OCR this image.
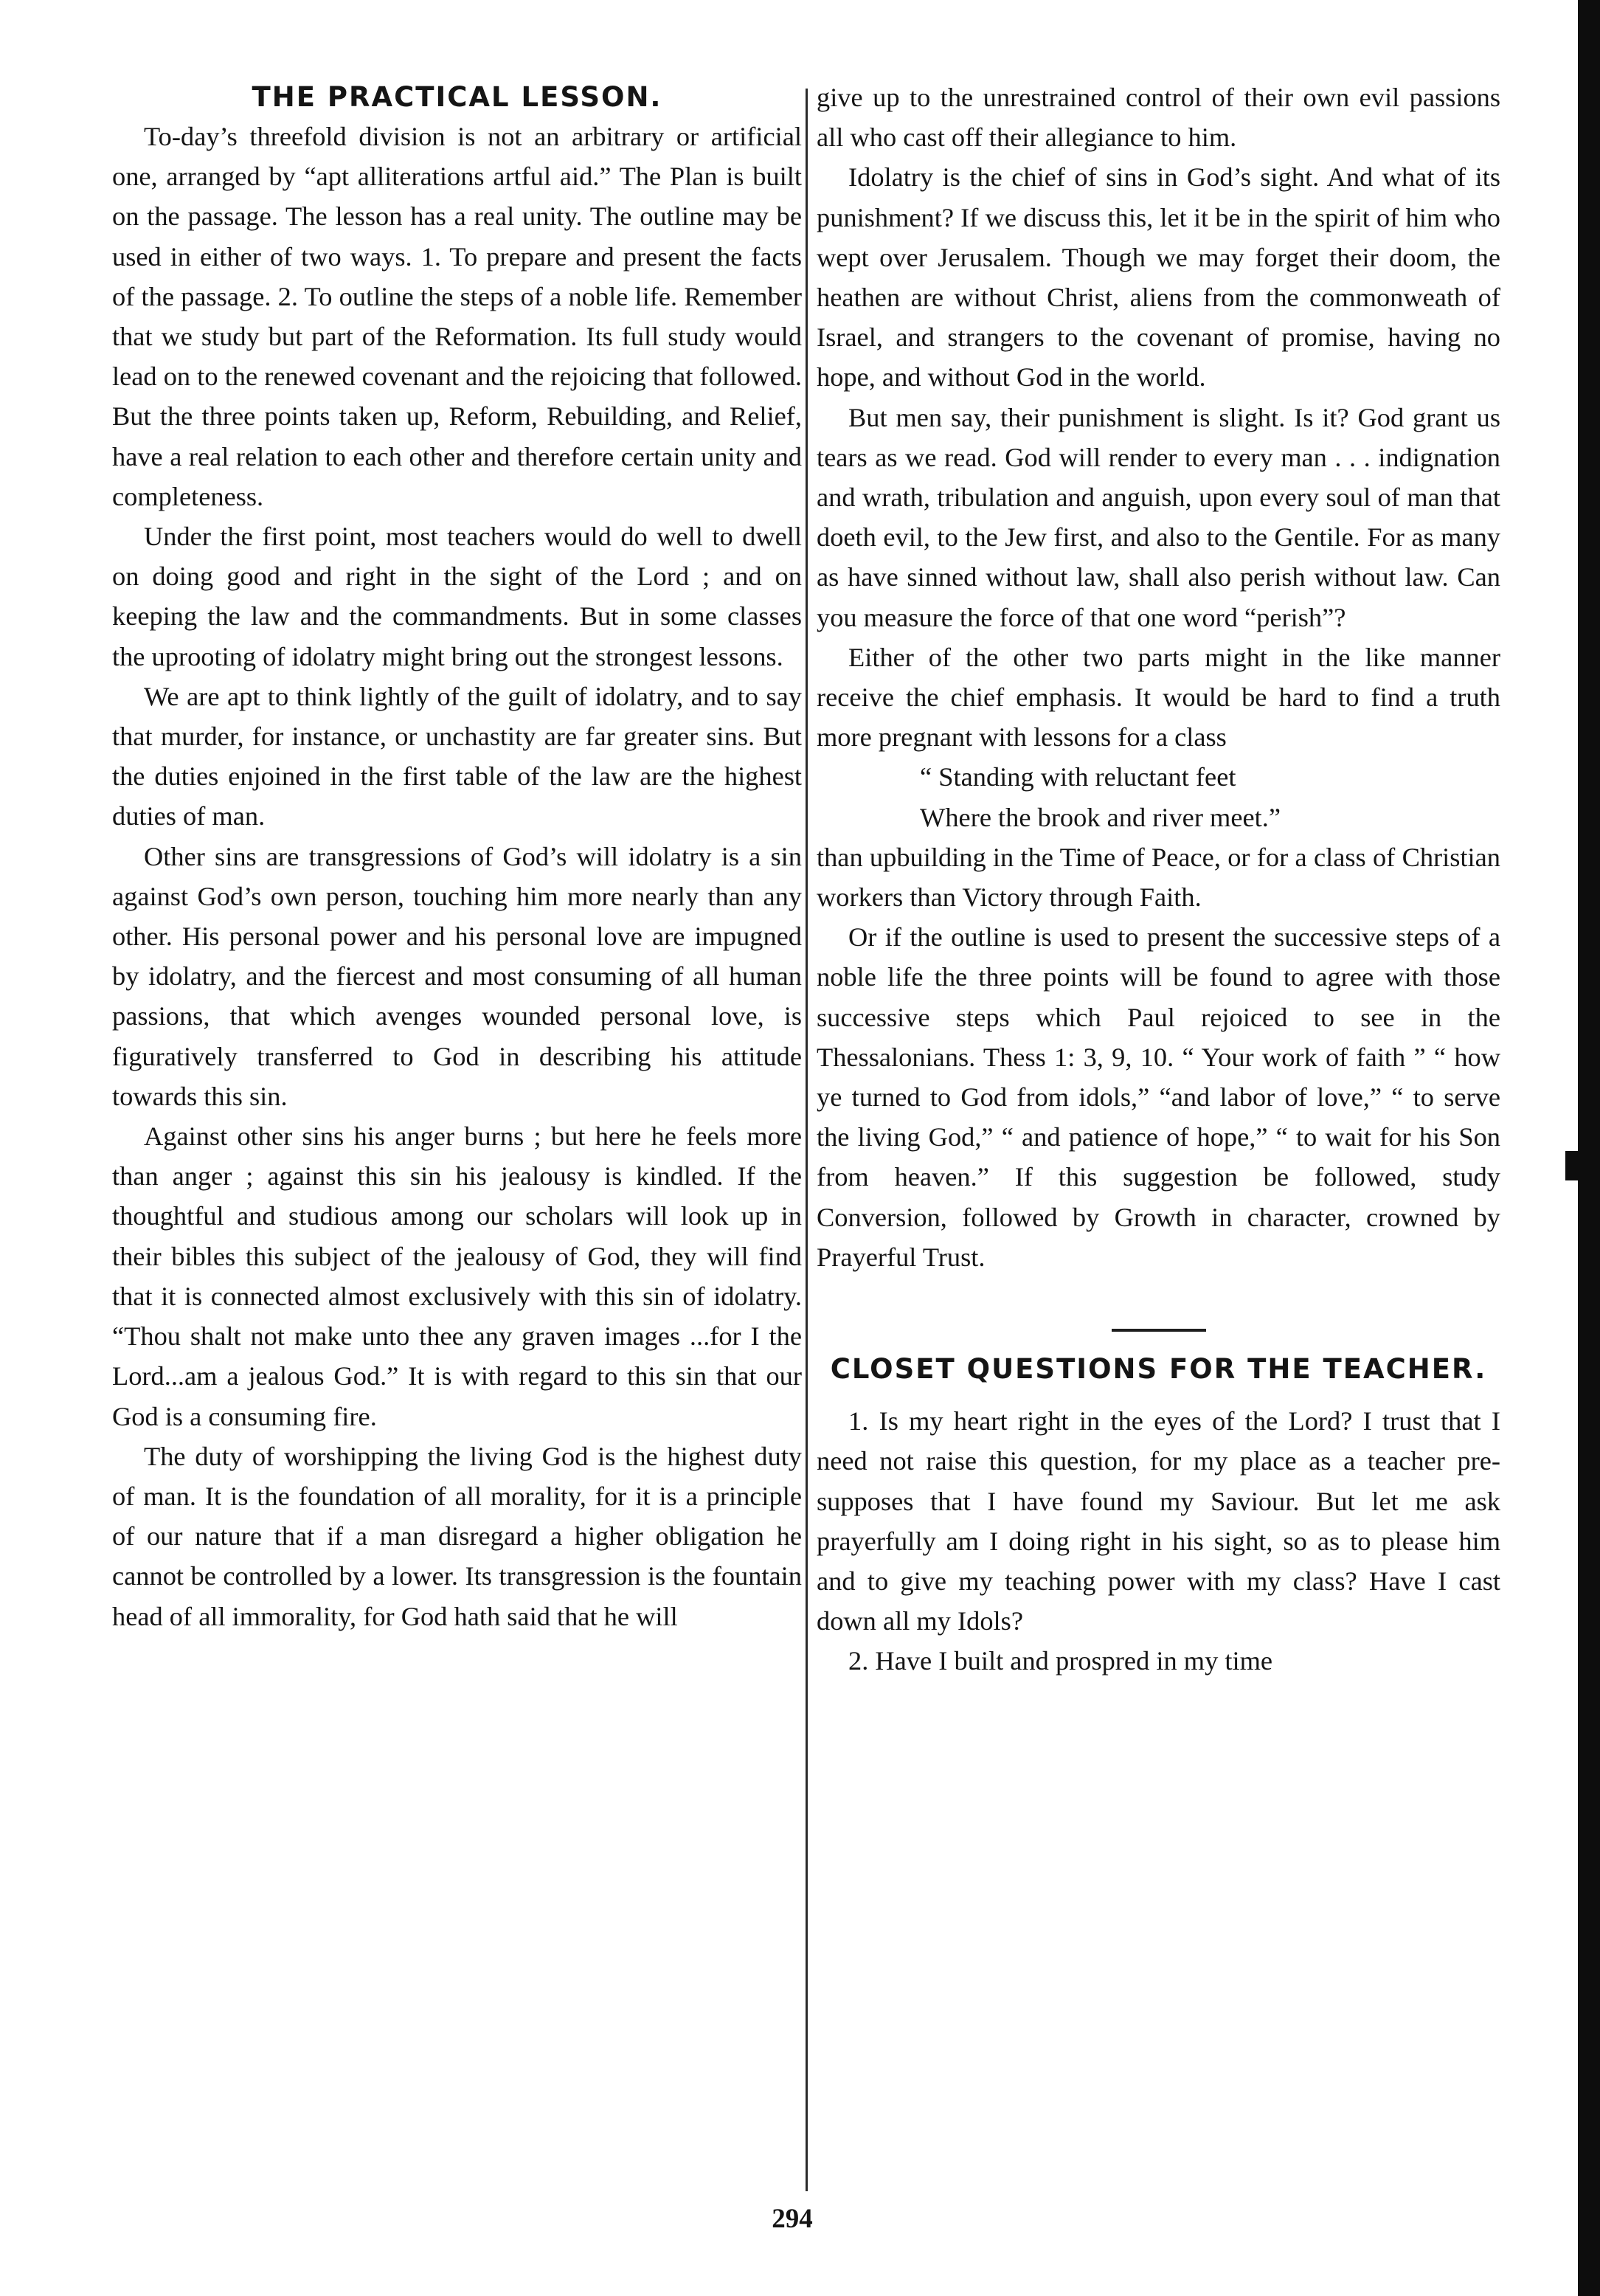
THE PRACTICAL LESSON.

To-day’s threefold division is not an arbitrary or artificial one, arranged by “apt alliterations artful aid.” The Plan is built on the passage. The lesson has a real unity. The outline may be used in either of two ways. 1. To prepare and present the facts of the passage. 2. To outline the steps of a noble life. Remember that we study but part of the Reformation. Its full study would lead on to the renewed covenant and the rejoicing that followed. But the three points taken up, Reform, Rebuilding, and Relief, have a real relation to each other and therefore certain unity and completeness.

Under the first point, most teachers would do well to dwell on doing good and right in the sight of the Lord ; and on keeping the law and the commandments. But in some classes the uprooting of idolatry might bring out the strongest lessons.

We are apt to think lightly of the guilt of idolatry, and to say that murder, for instance, or unchastity are far greater sins. But the duties enjoined in the first table of the law are the highest duties of man.

Other sins are transgressions of God’s will idolatry is a sin against God’s own person, touching him more nearly than any other. His personal power and his personal love are impugned by idolatry, and the fiercest and most consuming of all human passions, that which avenges wounded personal love, is figuratively transferred to God in describing his attitude towards this sin.

Against other sins his anger burns ; but here he feels more than anger ; against this sin his jealousy is kindled. If the thoughtful and studious among our scholars will look up in their bibles this subject of the jealousy of God, they will find that it is connected almost exclusively with this sin of idolatry. “Thou shalt not make unto thee any graven images ...for I the Lord...am a jealous God.” It is with regard to this sin that our God is a consuming fire.

The duty of worshipping the living God is the highest duty of man. It is the foundation of all morality, for it is a principle of our nature that if a man disregard a higher obligation he cannot be controlled by a lower. Its transgression is the fountain head of all immorality, for God hath said that he will

give up to the unrestrained control of their own evil passions all who cast off their allegiance to him.

Idolatry is the chief of sins in God’s sight. And what of its punishment? If we discuss this, let it be in the spirit of him who wept over Jerusalem. Though we may forget their doom, the heathen are without Christ, aliens from the commonweath of Israel, and strangers to the covenant of promise, having no hope, and without God in the world.

But men say, their punishment is slight. Is it? God grant us tears as we read. God will render to every man . . . indignation and wrath, tribulation and anguish, upon every soul of man that doeth evil, to the Jew first, and also to the Gentile. For as many as have sinned without law, shall also perish without law. Can you measure the force of that one word “perish”?

Either of the other two parts might in the like manner receive the chief emphasis. It would be hard to find a truth more pregnant with lessons for a class

“ Standing with reluctant feet

Where the brook and river meet.”

than upbuilding in the Time of Peace, or for a class of Christian workers than Victory through Faith.

Or if the outline is used to present the successive steps of a noble life the three points will be found to agree with those successive steps which Paul rejoiced to see in the Thessalonians. Thess 1: 3, 9, 10. “ Your work of faith ” “ how ye turned to God from idols,” “and labor of love,” “ to serve the living God,” “ and patience of hope,” “ to wait for his Son from heaven.” If this suggestion be followed, study Conversion, followed by Growth in character, crowned by Prayerful Trust.

CLOSET QUESTIONS FOR THE TEACHER.

1. Is my heart right in the eyes of the Lord? I trust that I need not raise this question, for my place as a teacher pre-supposes that I have found my Saviour. But let me ask prayerfully am I doing right in his sight, so as to please him and to give my teaching power with my class? Have I cast down all my Idols?

2. Have I built and prospred in my time

294
